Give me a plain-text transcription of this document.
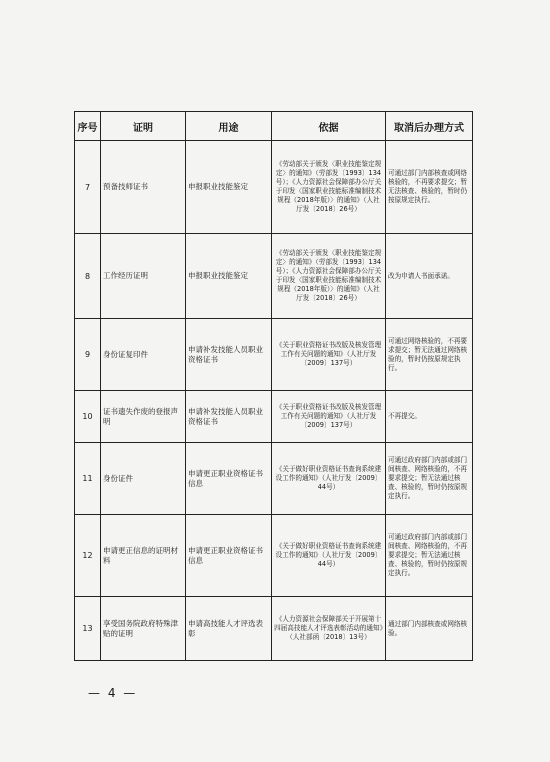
序号	证明	用途	依据	取消后办理方式
7	预备技师证书	申报职业技能鉴定	《劳动部关于颁发〈职业技能鉴定规定〉的通知》（劳部发〔1993〕134号）；《人力资源社会保障部办公厅关于印发〈国家职业技能标准编制技术规程（2018年版）〉的通知》（人社厅发〔2018〕26号）	可通过部门内部核查或网络核验的，不再要求提交；暂无法核查、核验的，暂时仍按原规定执行。
8	工作经历证明	申报职业技能鉴定	《劳动部关于颁发〈职业技能鉴定规定〉的通知》（劳部发〔1993〕134号）；《人力资源社会保障部办公厅关于印发〈国家职业技能标准编制技术规程（2018年版）〉的通知》（人社厅发〔2018〕26号）	改为申请人书面承诺。
9	身份证复印件	申请补发技能人员职业资格证书	《关于职业资格证书改版及核发管理工作有关问题的通知》（人社厅发〔2009〕137号）	可通过网络核验的，不再要求提交；暂无法通过网络核验的，暂时仍按原规定执行。
10	证书遗失作废的登报声明	申请补发技能人员职业资格证书	《关于职业资格证书改版及核发管理工作有关问题的通知》（人社厅发〔2009〕137号）	不再提交。
11	身份证件	申请更正职业资格证书信息	《关于做好职业资格证书查询系统建设工作的通知》（人社厅发〔2009〕44号）	可通过政府部门内部或部门间核查、网络核验的，不再要求提交；暂无法通过核查、核验的，暂时仍按原规定执行。
12	申请更正信息的证明材料	申请更正职业资格证书信息	《关于做好职业资格证书查询系统建设工作的通知》（人社厅发〔2009〕44号）	可通过政府部门内部或部门间核查、网络核验的，不再要求提交；暂无法通过核查、核验的，暂时仍按原规定执行。
13	享受国务院政府特殊津贴的证明	申请高技能人才评选表彰	《人力资源社会保障部关于开展第十四届高技能人才评选表彰活动的通知》（人社部函〔2018〕13号）	通过部门内部核查或网络核验。
— 4 —
